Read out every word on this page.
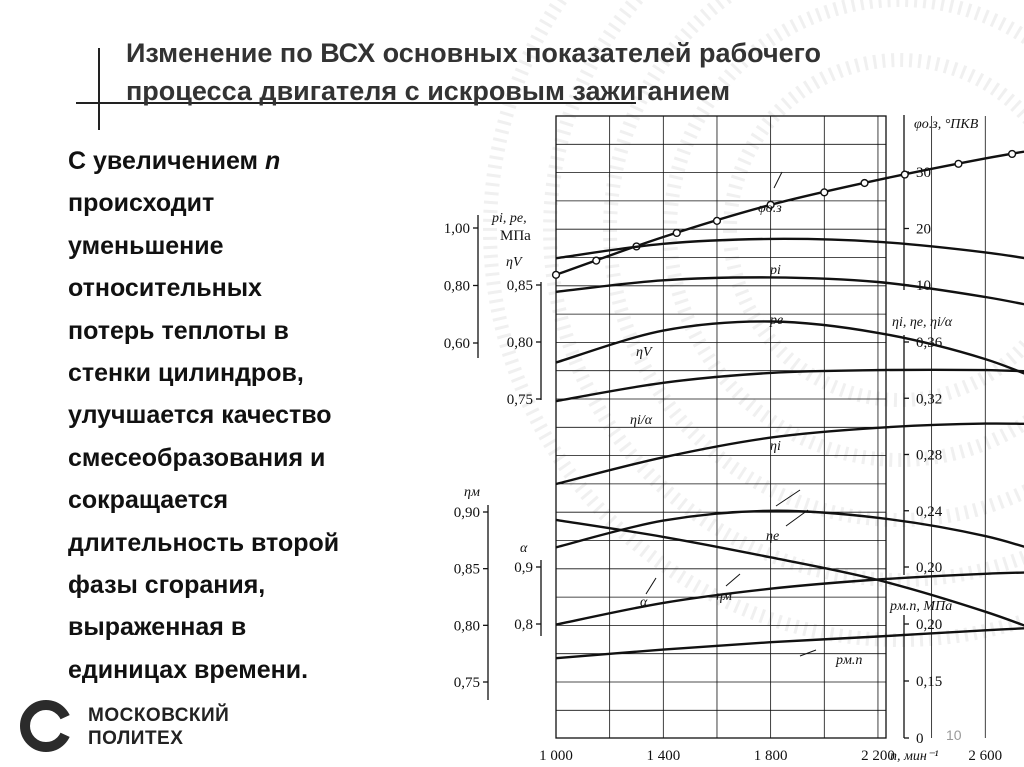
Изменение по ВСХ основных показателей рабочего
процесса двигателя с искровым зажиганием
С увеличением n
происходит
уменьшение
относительных
потерь теплоты в
стенки цилиндров,
улучшается качество
смесеобразования и
сокращается
длительность второй
фазы сгорания,
выраженная в
единицах времени.
МОСКОВСКИЙ
ПОЛИТЕХ
1 000	1 400	1 800	2 200	2 600
n, мин⁻¹
1,00
0,80
0,60
0,85
0,80
0,75
0,90
0,85
0,80
0,75
0,9
0,8
30
20
10
0,36
0,32
0,28
0,24
0,20
0,20
0,15
0
pi, pe,
МПа
ηV
ηм
α
φо.з, °ПКВ
ηi, ηe, ηi/α
pм.п, МПа
φо.з
pi
pe
ηV
ηi/α
ηi
ηe
α	ηм
pм.п
10
